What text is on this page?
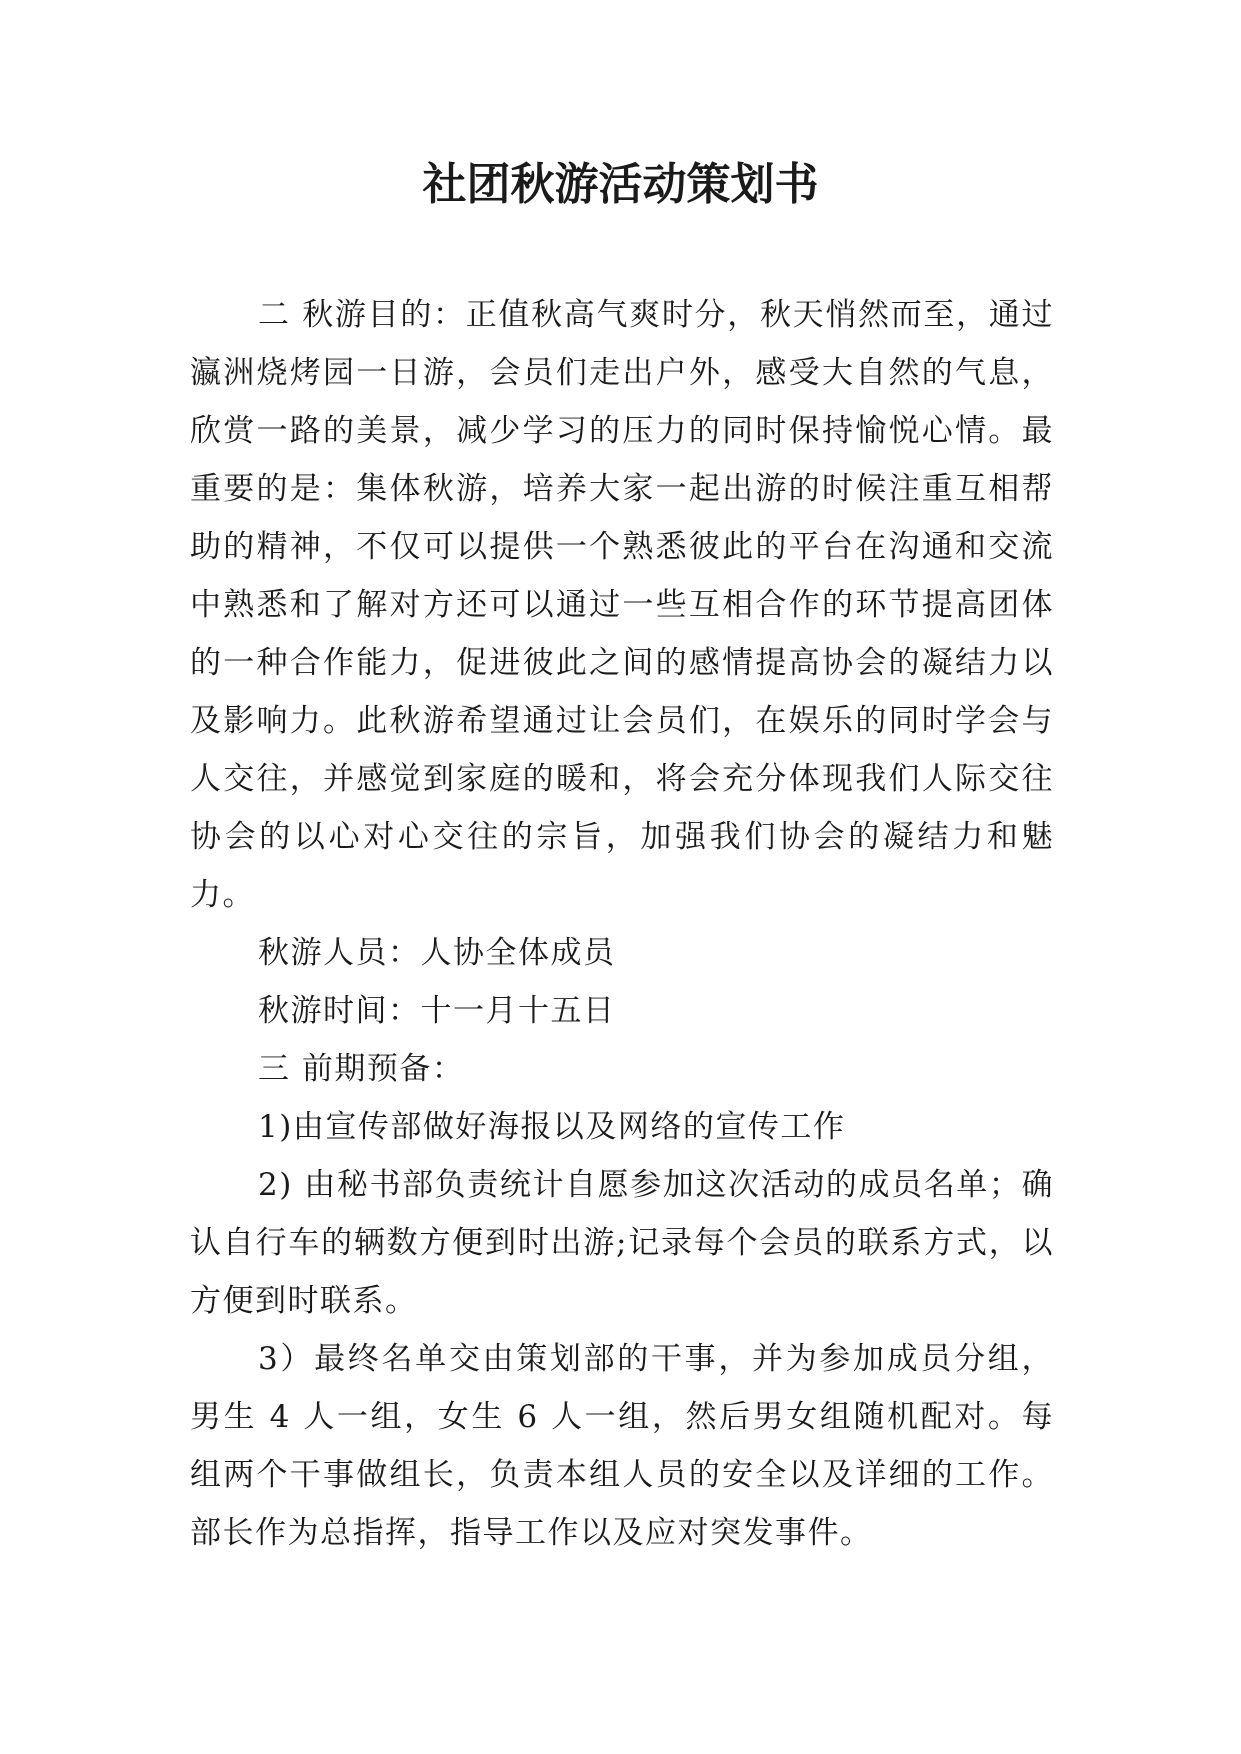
社团秋游活动策划书

二 秋游目的：正值秋高气爽时分，秋天悄然而至，通过瀛洲烧烤园一日游，会员们走出户外，感受大自然的气息，欣赏一路的美景，减少学习的压力的同时保持愉悦心情。最重要的是：集体秋游，培养大家一起出游的时候注重互相帮助的精神，不仅可以提供一个熟悉彼此的平台在沟通和交流中熟悉和了解对方还可以通过一些互相合作的环节提高团体的一种合作能力，促进彼此之间的感情提高协会的凝结力以及影响力。此秋游希望通过让会员们，在娱乐的同时学会与人交往，并感觉到家庭的暖和，将会充分体现我们人际交往协会的以心对心交往的宗旨，加强我们协会的凝结力和魅力。

秋游人员：人协全体成员

秋游时间：十一月十五日

三 前期预备：

1)由宣传部做好海报以及网络的宣传工作

2) 由秘书部负责统计自愿参加这次活动的成员名单；确认自行车的辆数方便到时出游;记录每个会员的联系方式，以方便到时联系。

3）最终名单交由策划部的干事，并为参加成员分组，男生 4 人一组，女生 6 人一组，然后男女组随机配对。每组两个干事做组长，负责本组人员的安全以及详细的工作。部长作为总指挥，指导工作以及应对突发事件。
